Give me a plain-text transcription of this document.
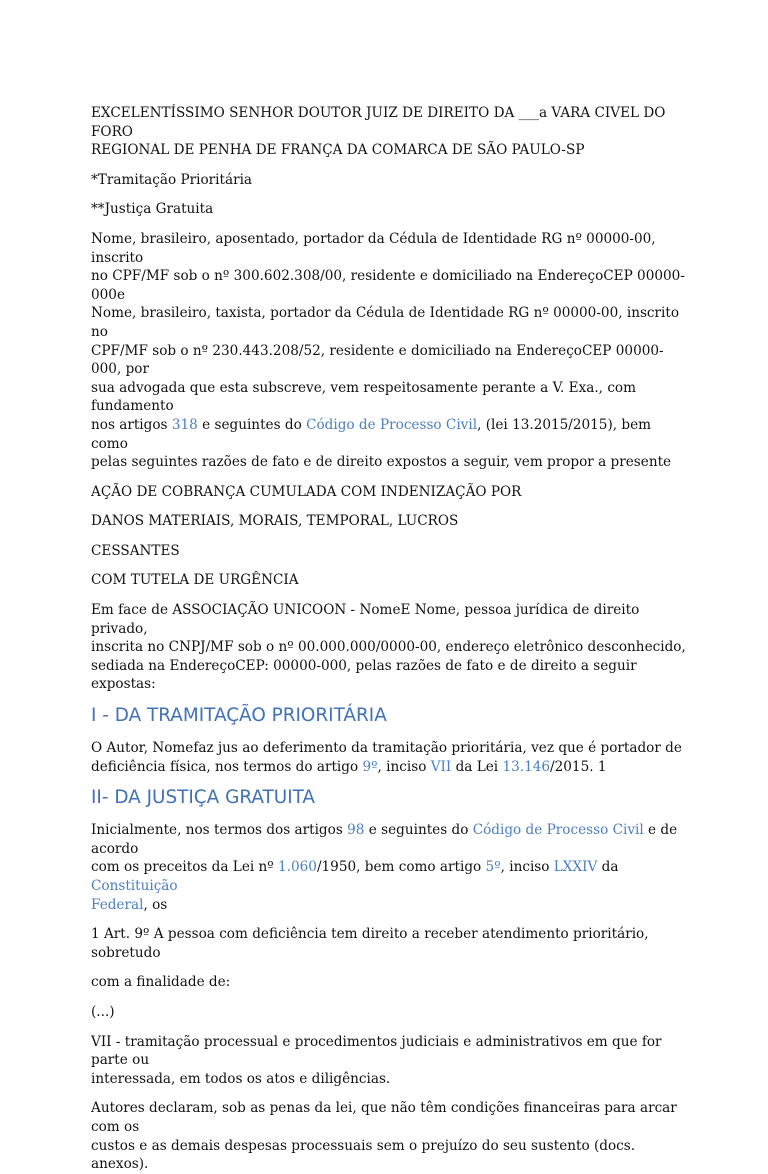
EXCELENTÍSSIMO SENHOR DOUTOR JUIZ DE DIREITO DA ___a VARA CIVEL DO FORO
REGIONAL DE PENHA DE FRANÇA DA COMARCA DE SÃO PAULO-SP

*Tramitação Prioritária

**Justiça Gratuita

Nome, brasileiro, aposentado, portador da Cédula de Identidade RG nº 00000-00, inscrito
no CPF/MF sob o nº 300.602.308/00, residente e domiciliado na EndereçoCEP 00000-000e
Nome, brasileiro, taxista, portador da Cédula de Identidade RG nº 00000-00, inscrito no
CPF/MF sob o nº 230.443.208/52, residente e domiciliado na EndereçoCEP 00000-000, por
sua advogada que esta subscreve, vem respeitosamente perante a V. Exa., com fundamento
nos artigos 318 e seguintes do Código de Processo Civil, (lei 13.2015/2015), bem como
pelas seguintes razões de fato e de direito expostos a seguir, vem propor a presente

AÇÃO DE COBRANÇA CUMULADA COM INDENIZAÇÃO POR

DANOS MATERIAIS, MORAIS, TEMPORAL, LUCROS

CESSANTES

COM TUTELA DE URGÊNCIA

Em face de ASSOCIAÇÃO UNICOON - NomeE Nome, pessoa jurídica de direito privado,
inscrita no CNPJ/MF sob o nº 00.000.000/0000-00, endereço eletrônico desconhecido,
sediada na EndereçoCEP: 00000-000, pelas razões de fato e de direito a seguir expostas:

I - DA TRAMITAÇÃO PRIORITÁRIA

O Autor, Nomefaz jus ao deferimento da tramitação prioritária, vez que é portador de
deficiência física, nos termos do artigo 9º, inciso VII da Lei 13.146/2015. 1

II- DA JUSTIÇA GRATUITA

Inicialmente, nos termos dos artigos 98 e seguintes do Código de Processo Civil e de acordo
com os preceitos da Lei nº 1.060/1950, bem como artigo 5º, inciso LXXIV da Constituição
Federal, os

1 Art. 9º A pessoa com deficiência tem direito a receber atendimento prioritário, sobretudo

com a finalidade de:

(...)

VII - tramitação processual e procedimentos judiciais e administrativos em que for parte ou
interessada, em todos os atos e diligências.

Autores declaram, sob as penas da lei, que não têm condições financeiras para arcar com os
custos e as demais despesas processuais sem o prejuízo do seu sustento (docs. anexos).
